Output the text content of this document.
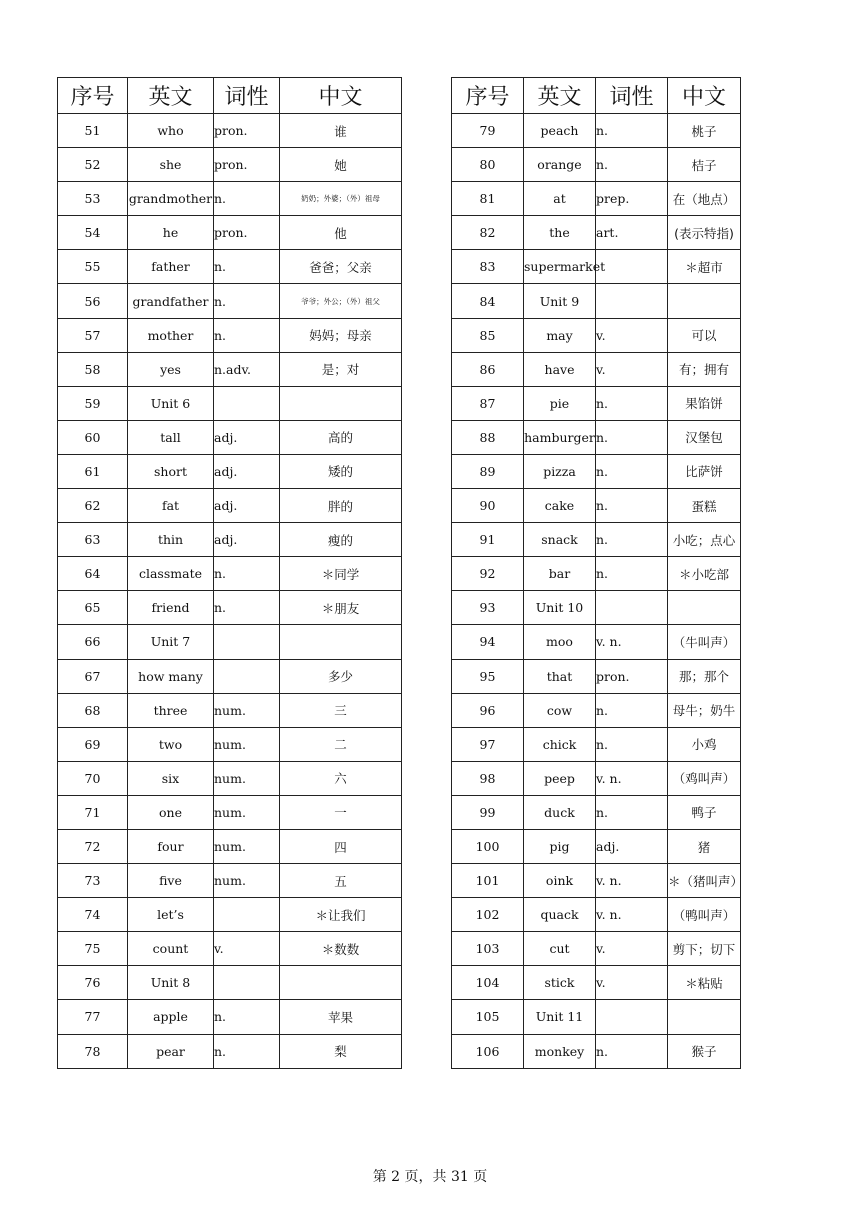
序号	英文	词性	中文
51	who	pron.	谁
52	she	pron.	她
53	grandmother	n.	奶奶；外婆；（外）祖母
54	he	pron.	他
55	father	n.	爸爸；父亲
56	grandfather	n.	爷爷；外公；（外）祖父
57	mother	n.	妈妈；母亲
58	yes	n.adv.	是；对
59	Unit 6		
60	tall	adj.	高的
61	short	adj.	矮的
62	fat	adj.	胖的
63	thin	adj.	瘦的
64	classmate	n.	＊同学
65	friend	n.	＊朋友
66	Unit 7		
67	how many		多少
68	three	num.	三
69	two	num.	二
70	six	num.	六
71	one	num.	一
72	four	num.	四
73	five	num.	五
74	let’s		＊让我们
75	count	v.	＊数数
76	Unit 8		
77	apple	n.	苹果
78	pear	n.	梨
序号	英文	词性	中文
79	peach	n.	桃子
80	orange	n.	桔子
81	at	prep.	在（地点）
82	the	art.	(表示特指)
83	supermarket		＊超市
84	Unit 9		
85	may	v.	可以
86	have	v.	有；拥有
87	pie	n.	果馅饼
88	hamburger	n.	汉堡包
89	pizza	n.	比萨饼
90	cake	n.	蛋糕
91	snack	n.	小吃；点心
92	bar	n.	＊小吃部
93	Unit 10		
94	moo	v. n.	（牛叫声）
95	that	pron.	那；那个
96	cow	n.	母牛；奶牛
97	chick	n.	小鸡
98	peep	v. n.	（鸡叫声）
99	duck	n.	鸭子
100	pig	adj.	猪
101	oink	v. n.	＊（猪叫声）
102	quack	v. n.	（鸭叫声）
103	cut	v.	剪下；切下
104	stick	v.	＊粘贴
105	Unit 11		
106	monkey	n.	猴子
第 2 页，共 31 页
